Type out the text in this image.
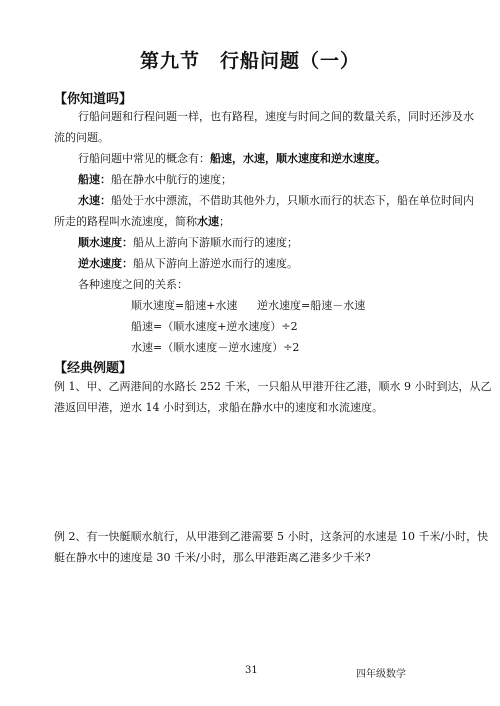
第九节　行船问题（一）
【你知道吗】
行船问题和行程问题一样，也有路程，速度与时间之间的数量关系，同时还涉及水
流的问题。
行船问题中常见的概念有：船速，水速，顺水速度和逆水速度。
船速：船在静水中航行的速度；
水速：船处于水中漂流，不借助其他外力，只顺水而行的状态下，船在单位时间内
所走的路程叫水流速度，简称水速；
顺水速度：船从上游向下游顺水而行的速度；
逆水速度：船从下游向上游逆水而行的速度。
各种速度之间的关系：
顺水速度=船速+水速 逆水速度=船速－水速
船速=（顺水速度+逆水速度）÷2
水速=（顺水速度－逆水速度）÷2
【经典例题】
例 1、甲、乙两港间的水路长 252 千米，一只船从甲港开往乙港，顺水 9 小时到达，从乙
港返回甲港，逆水 14 小时到达，求船在静水中的速度和水流速度。
例 2、有一快艇顺水航行，从甲港到乙港需要 5 小时，这条河的水速是 10 千米/小时，快
艇在静水中的速度是 30 千米/小时，那么甲港距离乙港多少千米?
31	四年级数学
